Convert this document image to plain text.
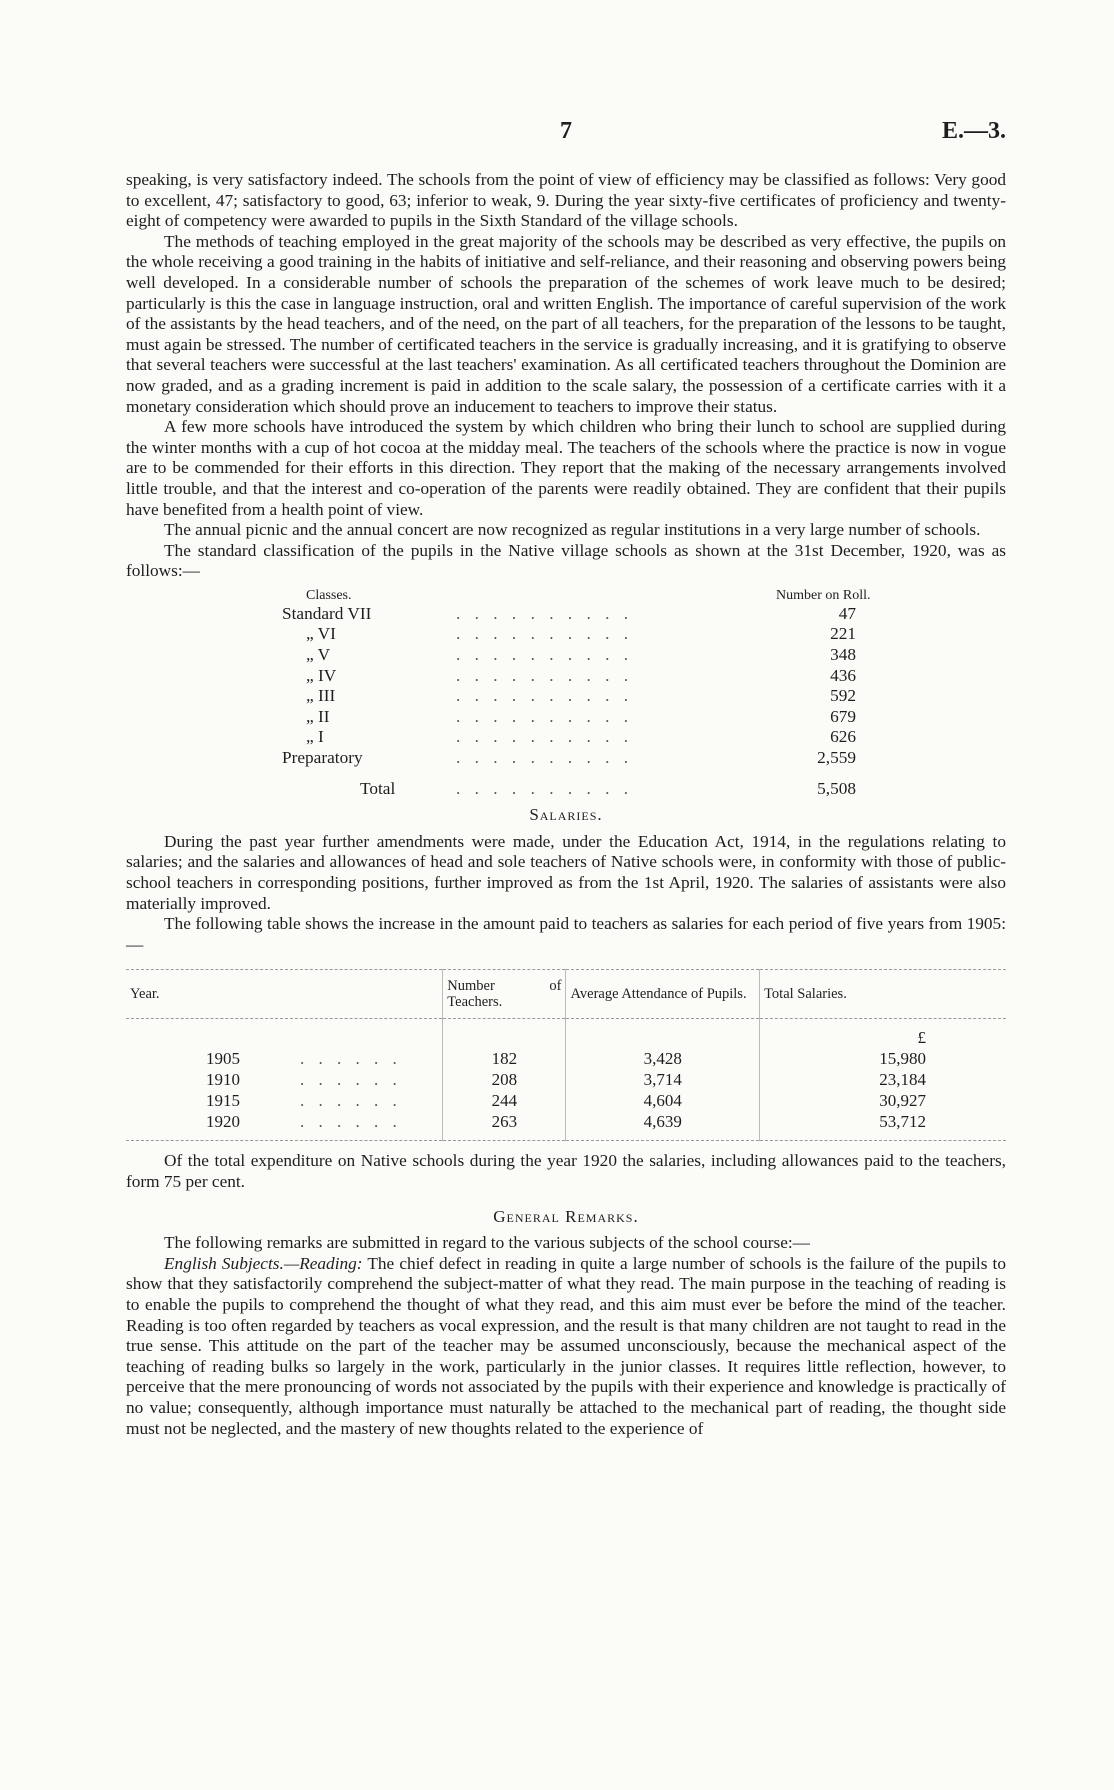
7	E.—3.

speaking, is very satisfactory indeed. The schools from the point of view of efficiency may be classified as follows: Very good to excellent, 47; satisfactory to good, 63; inferior to weak, 9. During the year sixty-five certificates of proficiency and twenty-eight of competency were awarded to pupils in the Sixth Standard of the village schools.

The methods of teaching employed in the great majority of the schools may be described as very effective, the pupils on the whole receiving a good training in the habits of initiative and self-reliance, and their reasoning and observing powers being well developed. In a considerable number of schools the preparation of the schemes of work leave much to be desired; particularly is this the case in language instruction, oral and written English. The importance of careful supervision of the work of the assistants by the head teachers, and of the need, on the part of all teachers, for the preparation of the lessons to be taught, must again be stressed. The number of certificated teachers in the service is gradually increasing, and it is gratifying to observe that several teachers were successful at the last teachers' examination. As all certificated teachers throughout the Dominion are now graded, and as a grading increment is paid in addition to the scale salary, the possession of a certificate carries with it a monetary consideration which should prove an inducement to teachers to improve their status.

A few more schools have introduced the system by which children who bring their lunch to school are supplied during the winter months with a cup of hot cocoa at the midday meal. The teachers of the schools where the practice is now in vogue are to be commended for their efforts in this direction. They report that the making of the necessary arrangements involved little trouble, and that the interest and co-operation of the parents were readily obtained. They are confident that their pupils have benefited from a health point of view.

The annual picnic and the annual concert are now recognized as regular institutions in a very large number of schools.

The standard classification of the pupils in the Native village schools as shown at the 31st December, 1920, was as follows:—

Classes.	Number on Roll.
Standard VII	. . . . . . . . . .	47
„ VI	. . . . . . . . . .	221
„ V	. . . . . . . . . .	348
„ IV	. . . . . . . . . .	436
„ III	. . . . . . . . . .	592
„ II	. . . . . . . . . .	679
„ I	. . . . . . . . . .	626
Preparatory	. . . . . . . . . .	2,559
Total	. . . . . . . . . .	5,508
Salaries.

During the past year further amendments were made, under the Education Act, 1914, in the regulations relating to salaries; and the salaries and allowances of head and sole teachers of Native schools were, in conformity with those of public-school teachers in corresponding positions, further improved as from the 1st April, 1920. The salaries of assistants were also materially improved.

The following table shows the increase in the amount paid to teachers as salaries for each period of five years from 1905:—

Year.	Number of Teachers.	Average Attendance of Pupils.	Total Salaries.
			£
1905 . . . . . .	182	3,428	15,980
1910 . . . . . .	208	3,714	23,184
1915 . . . . . .	244	4,604	30,927
1920 . . . . . .	263	4,639	53,712

Of the total expenditure on Native schools during the year 1920 the salaries, including allowances paid to the teachers, form 75 per cent.

General Remarks.

The following remarks are submitted in regard to the various subjects of the school course:—

English Subjects.—Reading: The chief defect in reading in quite a large number of schools is the failure of the pupils to show that they satisfactorily comprehend the subject-matter of what they read. The main purpose in the teaching of reading is to enable the pupils to comprehend the thought of what they read, and this aim must ever be before the mind of the teacher. Reading is too often regarded by teachers as vocal expression, and the result is that many children are not taught to read in the true sense. This attitude on the part of the teacher may be assumed unconsciously, because the mechanical aspect of the teaching of reading bulks so largely in the work, particularly in the junior classes. It requires little reflection, however, to perceive that the mere pronouncing of words not associated by the pupils with their experience and knowledge is practically of no value; consequently, although importance must naturally be attached to the mechanical part of reading, the thought side must not be neglected, and the mastery of new thoughts related to the experience of
